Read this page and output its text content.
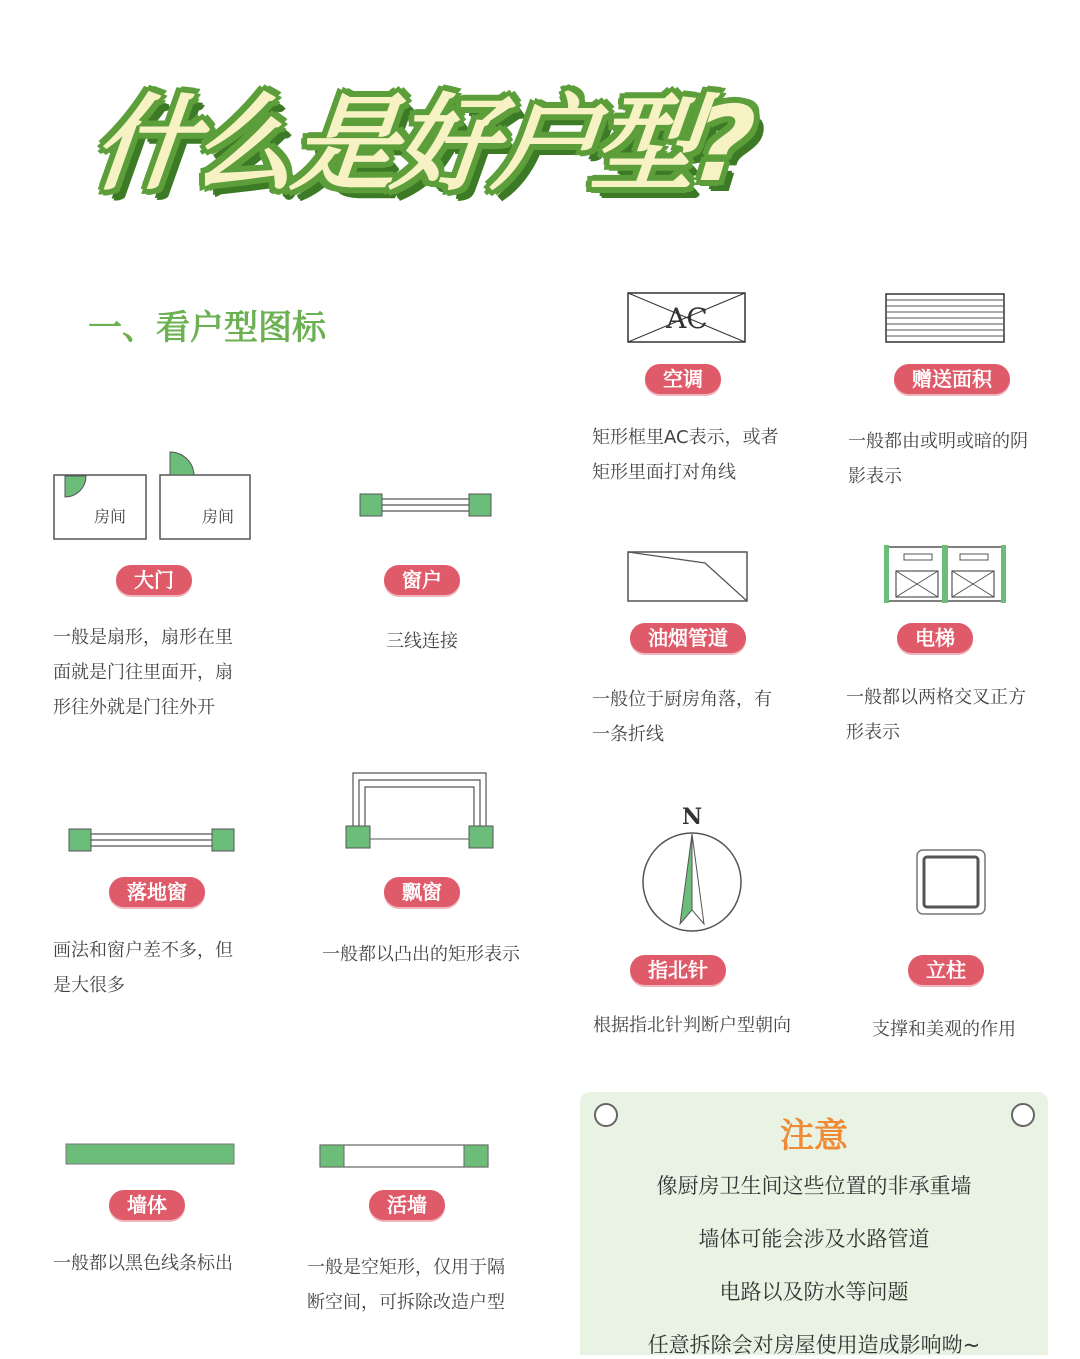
什么是好户型?
一、看户型图标	AC
空调
矩形框里AC表示，或者
矩形里面打对角线
赠送面积
一般都由或明或暗的阴
影表示
房间	房间
大门
一般是扇形，扇形在里
面就是门往里面开，扇
形往外就是门往外开
窗户
三线连接	油烟管道
一般位于厨房角落，有
一条折线
电梯
一般都以两格交叉正方
形表示
落地窗
画法和窗户差不多，但
是大很多
飘窗
一般都以凸出的矩形表示
N
指北针
根据指北针判断户型朝向
立柱
支撑和美观的作用
墙体
一般都以黑色线条标出
活墙
一般是空矩形，仅用于隔
断空间，可拆除改造户型
注意
像厨房卫生间这些位置的非承重墙
墙体可能会涉及水路管道
电路以及防水等问题
任意拆除会对房屋使用造成影响呦~
